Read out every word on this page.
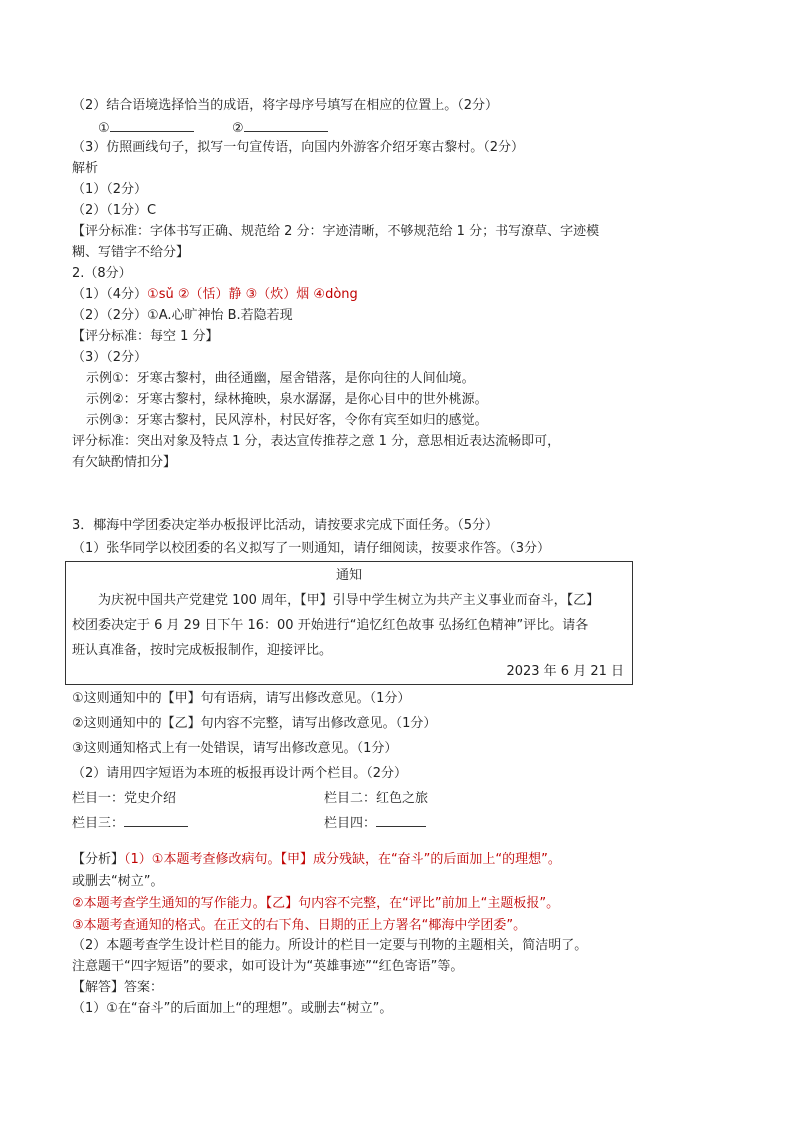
（2）结合语境选择恰当的成语，将字母序号填写在相应的位置上。（2分）
①	②
（3）仿照画线句子，拟写一句宣传语，向国内外游客介绍牙寒古黎村。（2分）
解析
（1）（2分）
（2）（1分）C
【评分标准：字体书写正确、规范给 2 分：字迹清晰，不够规范给 1 分；书写潦草、字迹模
糊、写错字不给分】
2.（8分）
（1）（4分）①sǔ ②（恬）静 ③（炊）烟 ④dòng
（2）（2分）①A.心旷神怡 B.若隐若现
【评分标准：每空 1 分】
（3）（2分）
示例①：牙寒古黎村，曲径通幽，屋舍错落，是你向往的人间仙境。
示例②：牙寒古黎村，绿林掩映，泉水潺潺，是你心目中的世外桃源。
示例③：牙寒古黎村，民风淳朴，村民好客，令你有宾至如归的感觉。
评分标准：突出对象及特点 1 分，表达宣传推荐之意 1 分，意思相近表达流畅即可，
有欠缺酌情扣分】
3．椰海中学团委决定举办板报评比活动，请按要求完成下面任务。（5分）
（1）张华同学以校团委的名义拟写了一则通知，请仔细阅读，按要求作答。（3分）
通知
为庆祝中国共产党建党 100 周年，【甲】引导中学生树立为共产主义事业而奋斗，【乙】
校团委决定于 6 月 29 日下午 16：00 开始进行“追忆红色故事 弘扬红色精神”评比。请各
班认真准备，按时完成板报制作，迎接评比。
2023 年 6 月 21 日
①这则通知中的【甲】句有语病，请写出修改意见。（1分）
②这则通知中的【乙】句内容不完整，请写出修改意见。（1分）
③这则通知格式上有一处错误，请写出修改意见。（1分）
（2）请用四字短语为本班的板报再设计两个栏目。（2分）
栏目一：党史介绍	栏目二：红色之旅
栏目三：	栏目四：
【分析】（1）①本题考查修改病句。【甲】成分残缺，在“奋斗”的后面加上“的理想”。
或删去“树立”。
②本题考查学生通知的写作能力。【乙】句内容不完整，在“评比”前加上“主题板报”。
③本题考查通知的格式。在正文的右下角、日期的正上方署名“椰海中学团委”。
（2）本题考查学生设计栏目的能力。所设计的栏目一定要与刊物的主题相关，简洁明了。
注意题干“四字短语”的要求，如可设计为“英雄事迹”“红色寄语”等。
【解答】答案：
（1）①在“奋斗”的后面加上“的理想”。或删去“树立”。
